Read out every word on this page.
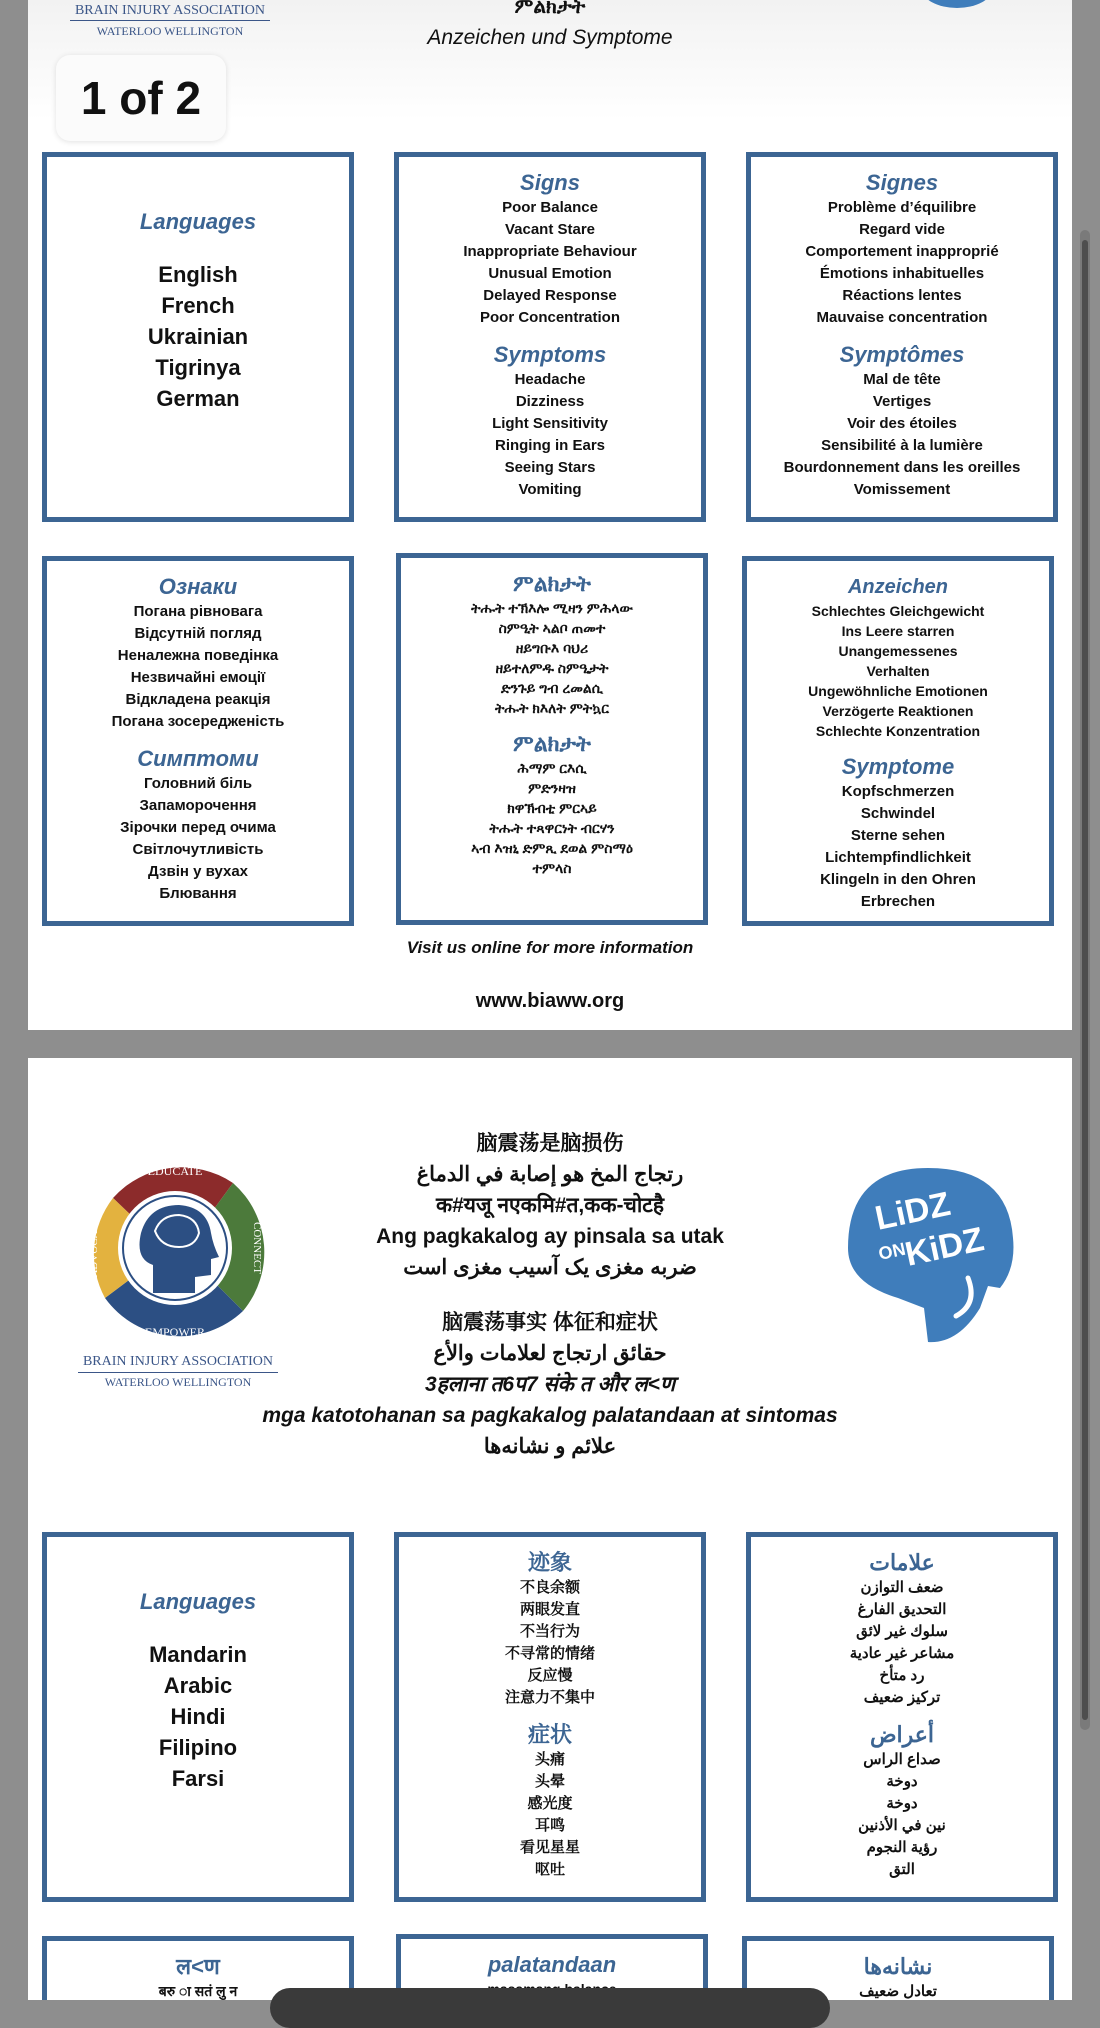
BRAIN INJURY ASSOCIATION
WATERLOO WELLINGTON
ምልክታት
Anzeichen und Symptome
1 of 2
Languages
English
French
Ukrainian
Tigrinya
German
Signs
Poor Balance
Vacant Stare
Inappropriate Behaviour
Unusual Emotion
Delayed Response
Poor Concentration
Symptoms
Headache
Dizziness
Light Sensitivity
Ringing in Ears
Seeing Stars
Vomiting
Signes
Problème d’équilibre
Regard vide
Comportement inapproprié
Émotions inhabituelles
Réactions lentes
Mauvaise concentration
Symptômes
Mal de tête
Vertiges
Voir des étoiles
Sensibilité à la lumière
Bourdonnement dans les oreilles
Vomissement
Ознаки
Погана рівновага
Відсутній погляд
Неналежна поведінка
Незвичайні емоції
Відкладена реакція
Погана зосередженість
Симптоми
Головний біль
Запаморочення
Зірочки перед очима
Світлочутливість
Дзвін у вухах
Блювання
ምልክታት
ትሑት ተኽእሎ ሚዛን ምሕላው
ስምዒት ኣልቦ ጠመተ
ዘይግቡእ ባህሪ
ዘይተለምዱ ስምዒታት
ድንጉይ ግብ ረመልሲ
ትሑት ክእለት ምትኳር
ምልክታት
ሕማም ርእሲ
ምድንዛዝ
ክዋኽብቲ ምርኣይ
ትሑት ተጻዋርነት ብርሃን
ኣብ እዝኒ ድምጺ ደወል ምስማዕ
ተምላስ
Anzeichen
Schlechtes Gleichgewicht
Ins Leere starren
Unangemessenes
Verhalten
Ungewöhnliche Emotionen
Verzögerte Reaktionen
Schlechte Konzentration
Symptome
Kopfschmerzen
Schwindel
Sterne sehen
Lichtempfindlichkeit
Klingeln in den Ohren
Erbrechen
Visit us online for more information
www.biaww.org
脑震荡是脑损伤
رتجاج المخ هو إصابة في الدماغ
क#यजू नएकमि#त,कक-चोटहै
Ang pagkakalog ay pinsala sa utak
ضربه مغزی یک آسیب مغزی است
脑震荡事实 体征和症状
حقائق ارتجاج لعلامات والأع
3हलाना त6प7 संके त और ल<ण
mga katotohanan sa pagkakalog palatandaan at sintomas
علائم و نشانه‌ها
EDUCATE
EMPOWER
CONNECT
ADVOCATE
BRAIN INJURY ASSOCIATION
WATERLOO WELLINGTON
LiDZ
ON
KiDZ
Languages
Mandarin
Arabic
Hindi
Filipino
Farsi
迹象
不良余额
两眼发直
不当行为
不寻常的情绪
反应慢
注意力不集中
症状
头痛
头晕
感光度
耳鸣
看见星星
呕吐
علامات
ضعف التوازن
التحديق الفارغ
سلوك غير لائق
مشاعر غير عادية
رد متأخ
تركيز ضعيف
أعراض
صداع الراس
دوخة
دوخة
نين في الأذنين
رؤية النجوم
التق
ल<ण
बरु ◌ा सतं लु न
palatandaan	نشانه‌ها
تعادل ضعیف
